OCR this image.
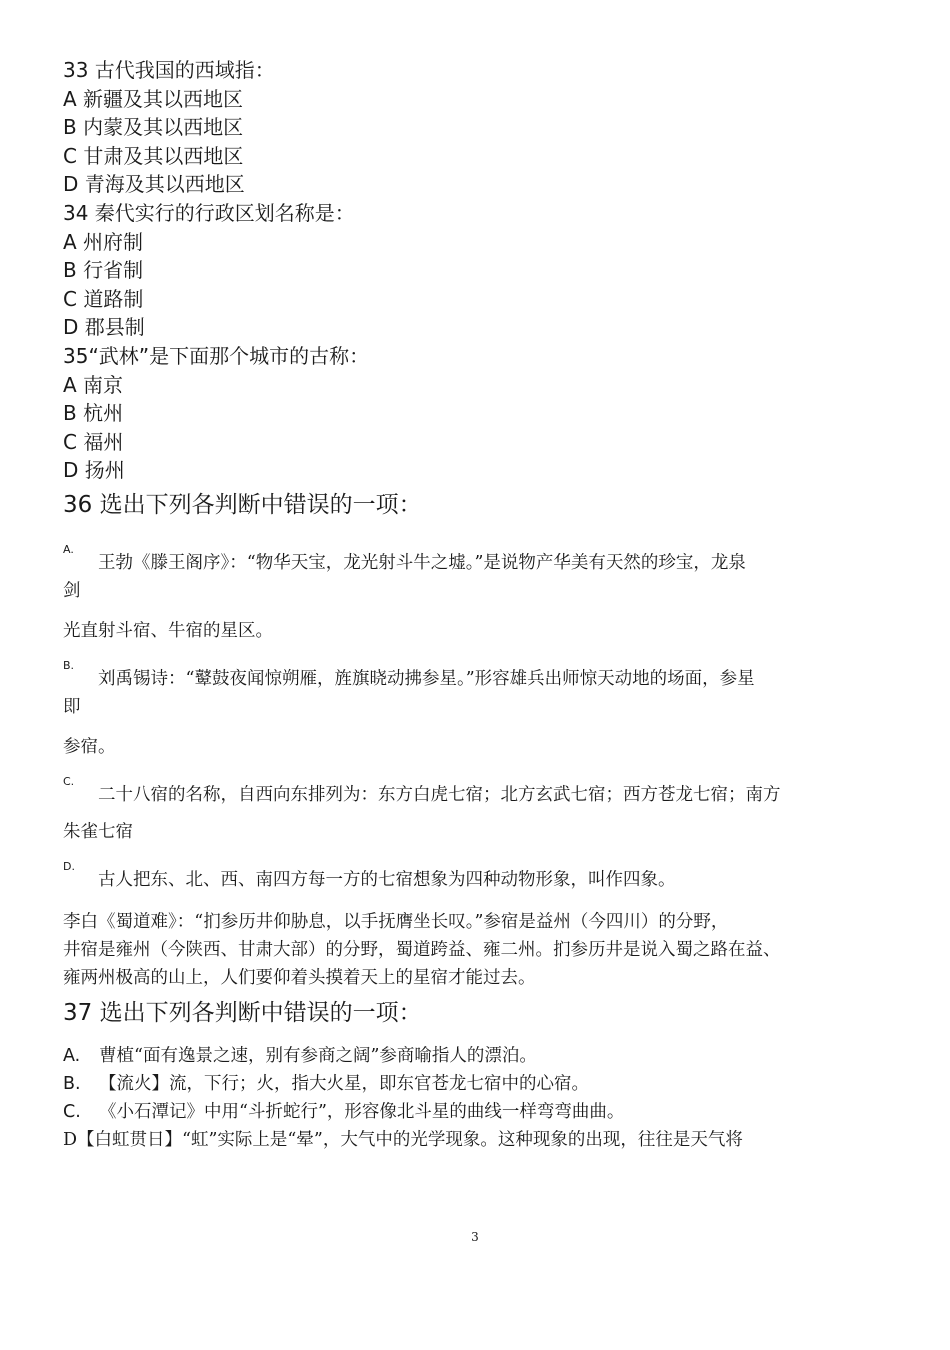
33 古代我国的西域指：
A 新疆及其以西地区
B 内蒙及其以西地区
C 甘肃及其以西地区
D 青海及其以西地区
34 秦代实行的行政区划名称是：
A 州府制
B 行省制
C 道路制
D 郡县制
35“武林”是下面那个城市的古称：
A 南京
B 杭州
C 福州
D 扬州
36 选出下列各判断中错误的一项：
A.
王勃《滕王阁序》：“物华天宝，龙光射斗牛之墟。”是说物产华美有天然的珍宝，龙泉
剑
光直射斗宿、牛宿的星区。
B.
刘禹锡诗：“鼙鼓夜闻惊朔雁，旌旗晓动拂参星。”形容雄兵出师惊天动地的场面，参星
即
参宿。
C.
二十八宿的名称，自西向东排列为：东方白虎七宿；北方玄武七宿；西方苍龙七宿；南方
朱雀七宿
D.
古人把东、北、西、南四方每一方的七宿想象为四种动物形象，叫作四象。
李白《蜀道难》：“扪参历井仰胁息，以手抚膺坐长叹。”参宿是益州（今四川）的分野，
井宿是雍州（今陕西、甘肃大部）的分野，蜀道跨益、雍二州。扪参历井是说入蜀之路在益、
雍两州极高的山上，人们要仰着头摸着天上的星宿才能过去。
37 选出下列各判断中错误的一项：
A. 曹植“面有逸景之速，别有参商之阔”参商喻指人的漂泊。
B. 【流火】流，下行；火，指大火星，即东官苍龙七宿中的心宿。
C. 《小石潭记》中用“斗折蛇行”，形容像北斗星的曲线一样弯弯曲曲。
D【白虹贯日】“虹”实际上是“晕”，大气中的光学现象。这种现象的出现，往往是天气将
3
